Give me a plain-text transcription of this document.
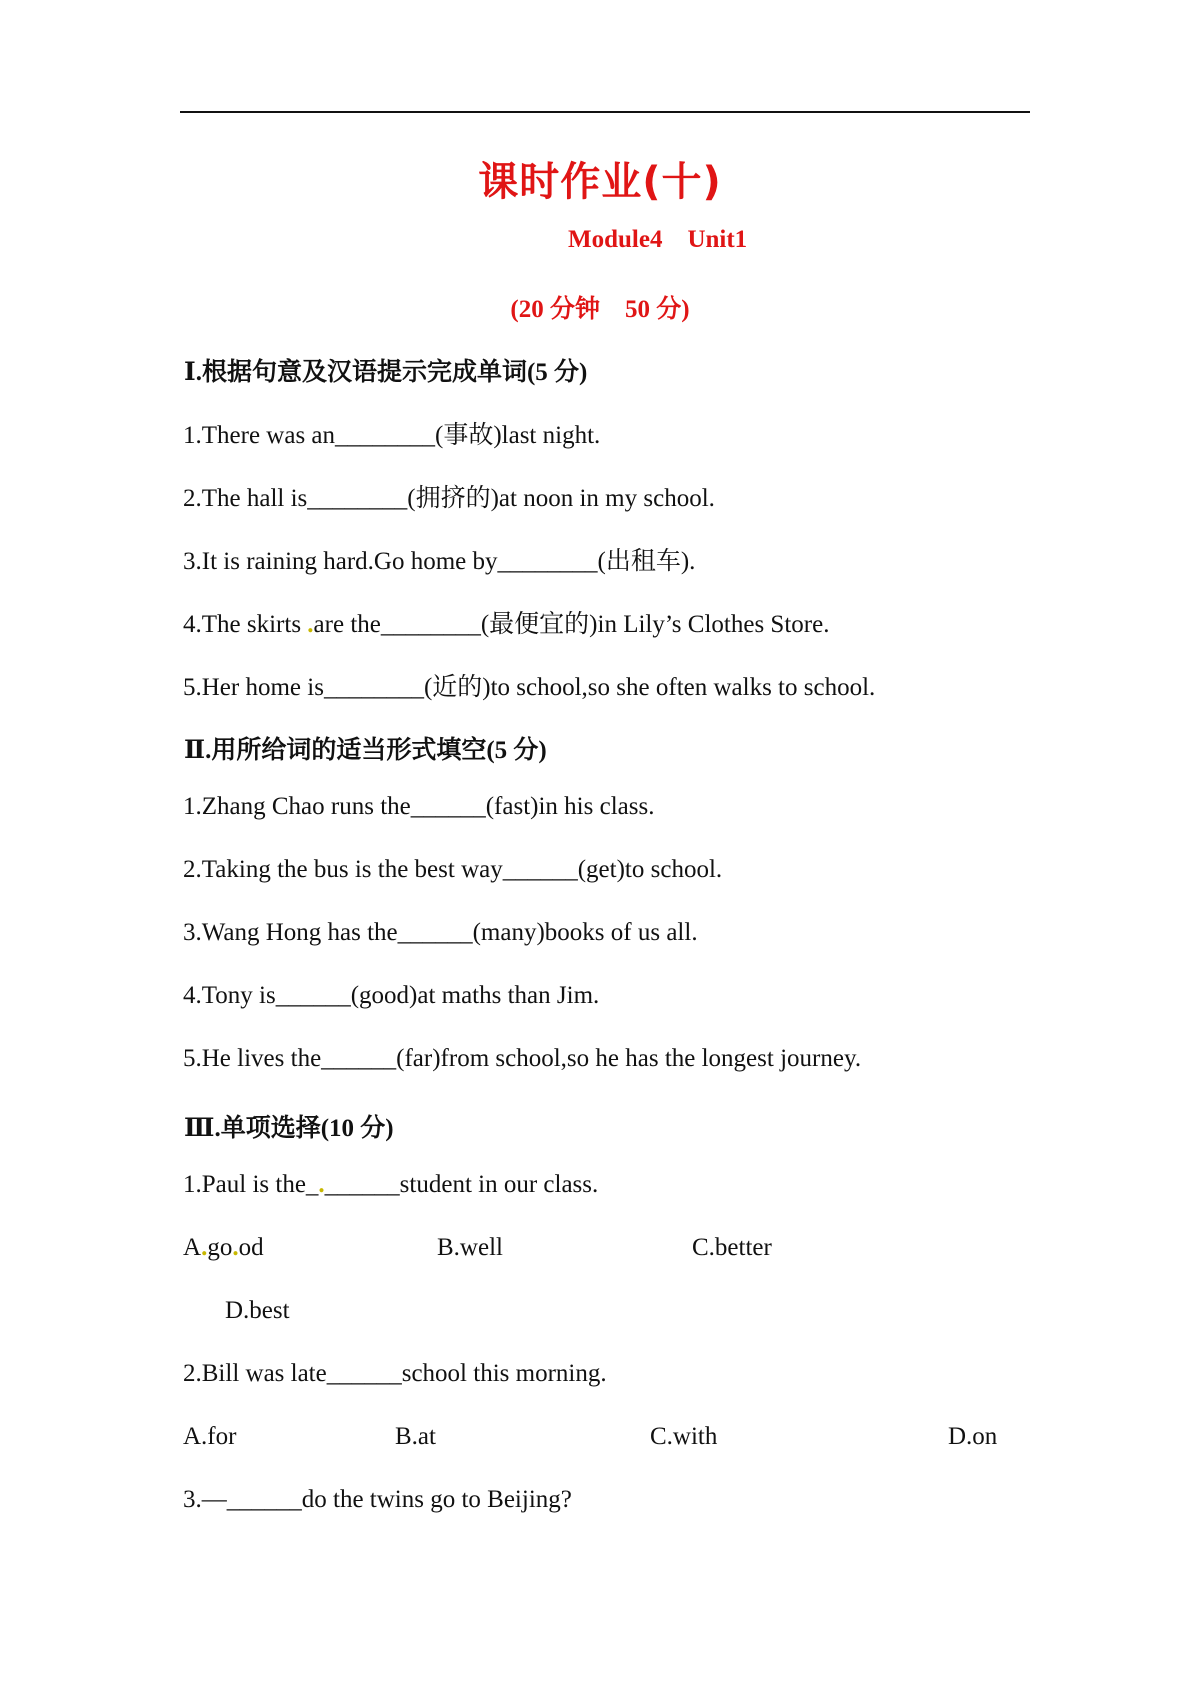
课时作业(十)
Module4    Unit1
(20 分钟    50 分)
Ⅰ.根据句意及汉语提示完成单词(5 分)
1.There was an________(事故)last night.
2.The hall is________(拥挤的)at noon in my school.
3.It is raining hard.Go home by________(出租车).
4.The skirts .are the________(最便宜的)in Lily’s Clothes Store.
5.Her home is________(近的)to school,so she often walks to school.
Ⅱ.用所给词的适当形式填空(5 分)
1.Zhang Chao runs the______(fast)in his class.
2.Taking the bus is the best way______(get)to school.
3.Wang Hong has the______(many)books of us all.
4.Tony is______(good)at maths than Jim.
5.He lives the______(far)from school,so he has the longest journey.
Ⅲ.单项选择(10 分)
1.Paul is the_.______student in our class.
A.go.od	B.well	C.better
D.best
2.Bill was late______school this morning.
A.for	B.at	C.with	D.on
3.—______do the twins go to Beijing?
